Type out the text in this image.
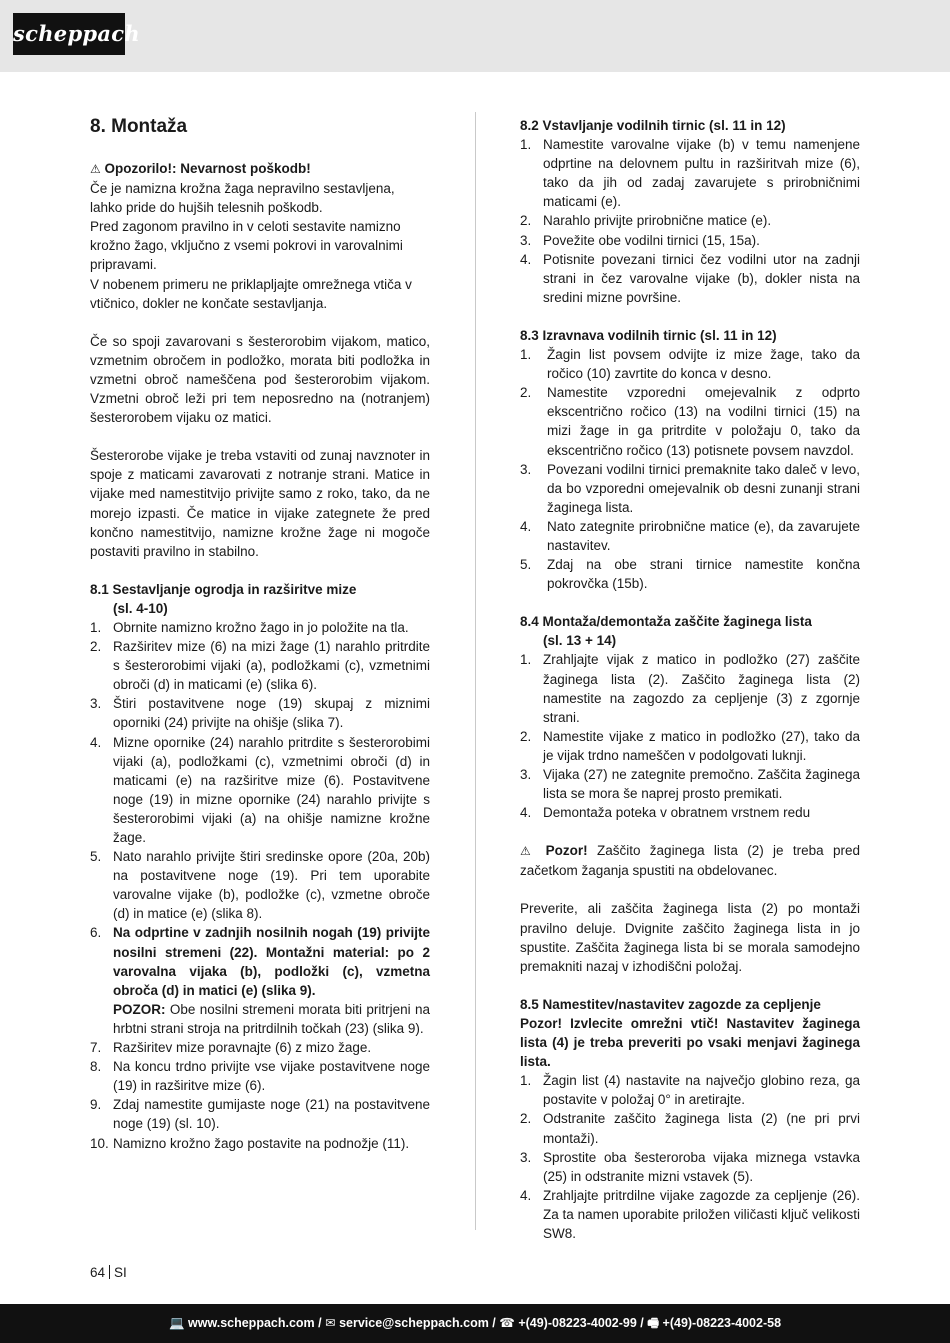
scheppach
8. Montaža

⚠ Opozorilo!: Nevarnost poškodb!

Če je namizna krožna žaga nepravilno sestavljena, lahko pride do hujših telesnih poškodb.

Pred zagonom pravilno in v celoti sestavite namizno krožno žago, vključno z vsemi pokrovi in varovalnimi pripravami.

V nobenem primeru ne priklapljajte omrežnega vtiča v vtičnico, dokler ne končate sestavljanja.

Če so spoji zavarovani s šesterorobim vijakom, matico, vzmetnim obročem in podložko, morata biti podložka in vzmetni obroč nameščena pod šesterorobim vijakom. Vzmetni obroč leži pri tem neposredno na (notranjem) šesterorobem vijaku oz matici.

Šesterorobe vijake je treba vstaviti od zunaj navznoter in spoje z maticami zavarovati z notranje strani. Matice in vijake med namestitvijo privijte samo z roko, tako, da ne morejo izpasti. Če matice in vijake zategnete že pred končno namestitvijo, namizne krožne žage ni mogoče postaviti pravilno in stabilno.

8.1 Sestavljanje ogrodja in razširitve mize

(sl. 4-10)

1. Obrnite namizno krožno žago in jo položite na tla.
2. Razširitev mize (6) na mizi žage (1) narahlo pritrdite s šesterorobimi vijaki (a), podložkami (c), vzmetnimi obroči (d) in maticami (e) (slika 6).
3. Štiri postavitvene noge (19) skupaj z miznimi oporniki (24) privijte na ohišje (slika 7).
4. Mizne opornike (24) narahlo pritrdite s šesterorobimi vijaki (a), podložkami (c), vzmetnimi obroči (d) in maticami (e) na razširitve mize (6). Postavitvene noge (19) in mizne opornike (24) narahlo privijte s šesterorobimi vijaki (a) na ohišje namizne krožne žage.
5. Nato narahlo privijte štiri sredinske opore (20a, 20b) na postavitvene noge (19). Pri tem uporabite varovalne vijake (b), podložke (c), vzmetne obroče (d) in matice (e) (slika 8).
6. Na odprtine v zadnjih nosilnih nogah (19) privijte nosilni stremeni (22). Montažni material: po 2 varovalna vijaka (b), podložki (c), vzmetna obroča (d) in matici (e) (slika 9).
POZOR: Obe nosilni stremeni morata biti pritrjeni na hrbtni strani stroja na pritrdilnih točkah (23) (slika 9).
7. Razširitev mize poravnajte (6) z mizo žage.
8. Na koncu trdno privijte vse vijake postavitvene noge (19) in razširitve mize (6).
9. Zdaj namestite gumijaste noge (21) na postavitvene noge (19) (sl. 10).
10. Namizno krožno žago postavite na podnožje (11).

8.2 Vstavljanje vodilnih tirnic (sl. 11 in 12)

1. Namestite varovalne vijake (b) v temu namenjene odprtine na delovnem pultu in razširitvah mize (6), tako da jih od zadaj zavarujete s prirobničnimi maticami (e).
2. Narahlo privijte prirobnične matice (e).
3. Povežite obe vodilni tirnici (15, 15a).
4. Potisnite povezani tirnici čez vodilni utor na zadnji strani in čez varovalne vijake (b), dokler nista na sredini mizne površine.

8.3 Izravnava vodilnih tirnic (sl. 11 in 12)

1. Žagin list povsem odvijte iz mize žage, tako da ročico (10) zavrtite do konca v desno.
2. Namestite vzporedni omejevalnik z odprto ekscentrično ročico (13) na vodilni tirnici (15) na mizi žage in ga pritrdite v položaju 0, tako da ekscentrično ročico (13) potisnete povsem navzdol.
3. Povezani vodilni tirnici premaknite tako daleč v levo, da bo vzporedni omejevalnik ob desni zunanji strani žaginega lista.
4. Nato zategnite prirobnične matice (e), da zavarujete nastavitev.
5. Zdaj na obe strani tirnice namestite končna pokrovčka (15b).

8.4 Montaža/demontaža zaščite žaginega lista

(sl. 13 + 14)

1. Zrahljajte vijak z matico in podložko (27) zaščite žaginega lista (2). Zaščito žaginega lista (2) namestite na zagozdo za cepljenje (3) z zgornje strani.
2. Namestite vijake z matico in podložko (27), tako da je vijak trdno nameščen v podolgovati luknji.
3. Vijaka (27) ne zategnite premočno. Zaščita žaginega lista se mora še naprej prosto premikati.
4. Demontaža poteka v obratnem vrstnem redu

⚠ Pozor! Zaščito žaginega lista (2) je treba pred začetkom žaganja spustiti na obdelovanec.

Preverite, ali zaščita žaginega lista (2) po montaži pravilno deluje. Dvignite zaščito žaginega lista in jo spustite. Zaščita žaginega lista bi se morala samodejno premakniti nazaj v izhodiščni položaj.

8.5 Namestitev/nastavitev zagozde za cepljenje

Pozor! Izvlecite omrežni vtič! Nastavitev žaginega lista (4) je treba preveriti po vsaki menjavi žaginega lista.

1. Žagin list (4) nastavite na največjo globino reza, ga postavite v položaj 0° in aretirajte.
2. Odstranite zaščito žaginega lista (2) (ne pri prvi montaži).
3. Sprostite oba šesterorobа vijaka miznega vstavka (25) in odstranite mizni vstavek (5).
4. Zrahljajte pritrdilne vijake zagozde za cepljenje (26). Za ta namen uporabite priložen viličasti ključ velikosti SW8.
64 SI
💻 www.scheppach.com / ✉ service@scheppach.com / ☎ +(49)-08223-4002-99 / 🖷 +(49)-08223-4002-58
